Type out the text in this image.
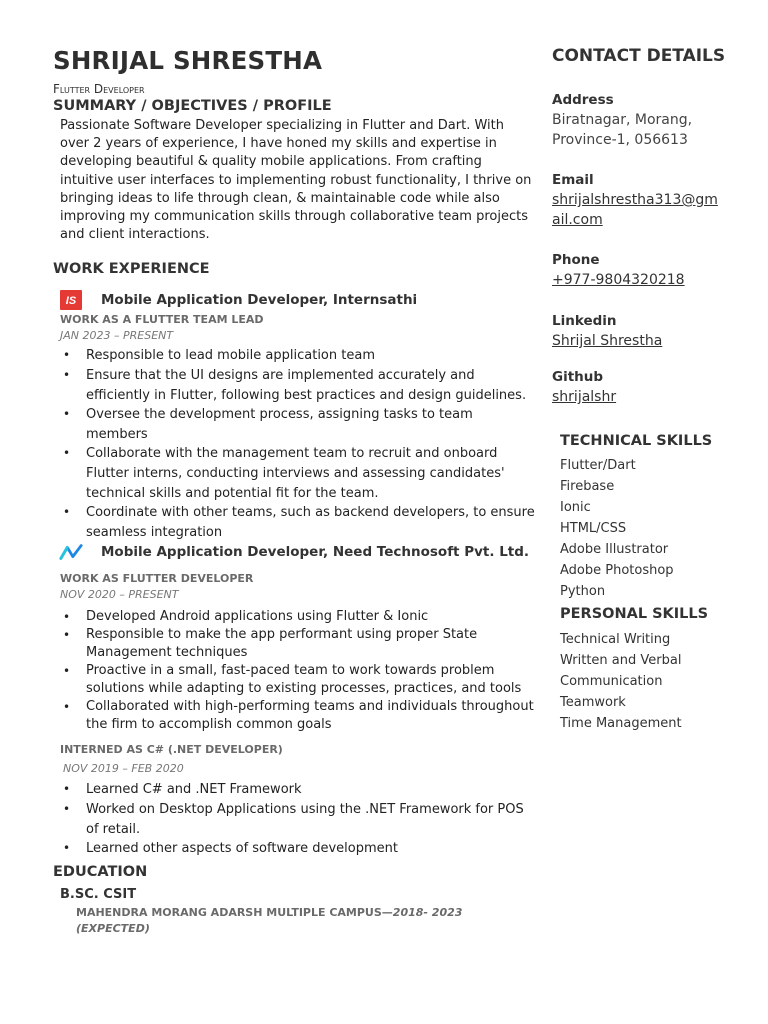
SHRIJAL SHRESTHA
Flutter Developer
SUMMARY / OBJECTIVES / PROFILE

Passionate Software Developer specializing in Flutter and Dart. With over 2 years of experience, I have honed my skills and expertise in developing beautiful & quality mobile applications. From crafting intuitive user interfaces to implementing robust functionality, I thrive on bringing ideas to life through clean, & maintainable code while also improving my communication skills through collaborative team projects and client interactions.

WORK EXPERIENCE
IS Mobile Application Developer, Internsathi
WORK AS A FLUTTER TEAM LEAD
JAN 2023 – PRESENT
• Responsible to lead mobile application team
• Ensure that the UI designs are implemented accurately and efficiently in Flutter, following best practices and design guidelines.
• Oversee the development process, assigning tasks to team members
• Collaborate with the management team to recruit and onboard Flutter interns, conducting interviews and assessing candidates' technical skills and potential fit for the team.
• Coordinate with other teams, such as backend developers, to ensure seamless integration
Mobile Application Developer, Need Technosoft Pvt. Ltd.
WORK AS FLUTTER DEVELOPER
NOV 2020 – PRESENT
• Developed Android applications using Flutter & Ionic
• Responsible to make the app performant using proper State Management techniques
• Proactive in a small, fast-paced team to work towards problem solutions while adapting to existing processes, practices, and tools
• Collaborated with high-performing teams and individuals throughout the firm to accomplish common goals
INTERNED AS C# (.NET DEVELOPER)
NOV 2019 – FEB 2020
• Learned C# and .NET Framework
• Worked on Desktop Applications using the .NET Framework for POS of retail.
• Learned other aspects of software development
EDUCATION
B.SC. CSIT
MAHENDRA MORANG ADARSH MULTIPLE CAMPUS—2018- 2023 (EXPECTED)
CONTACT DETAILS
Address
Biratnagar, Morang, Province-1, 056613
Email
shrijalshrestha313@gmail.com
Phone
+977-9804320218
Linkedin
Shrijal Shrestha
Github
shrijalshr
TECHNICAL SKILLS
Flutter/Dart
Firebase
Ionic
HTML/CSS
Adobe Illustrator
Adobe Photoshop
Python
PERSONAL SKILLS
Technical Writing
Written and Verbal Communication
Teamwork
Time Management
